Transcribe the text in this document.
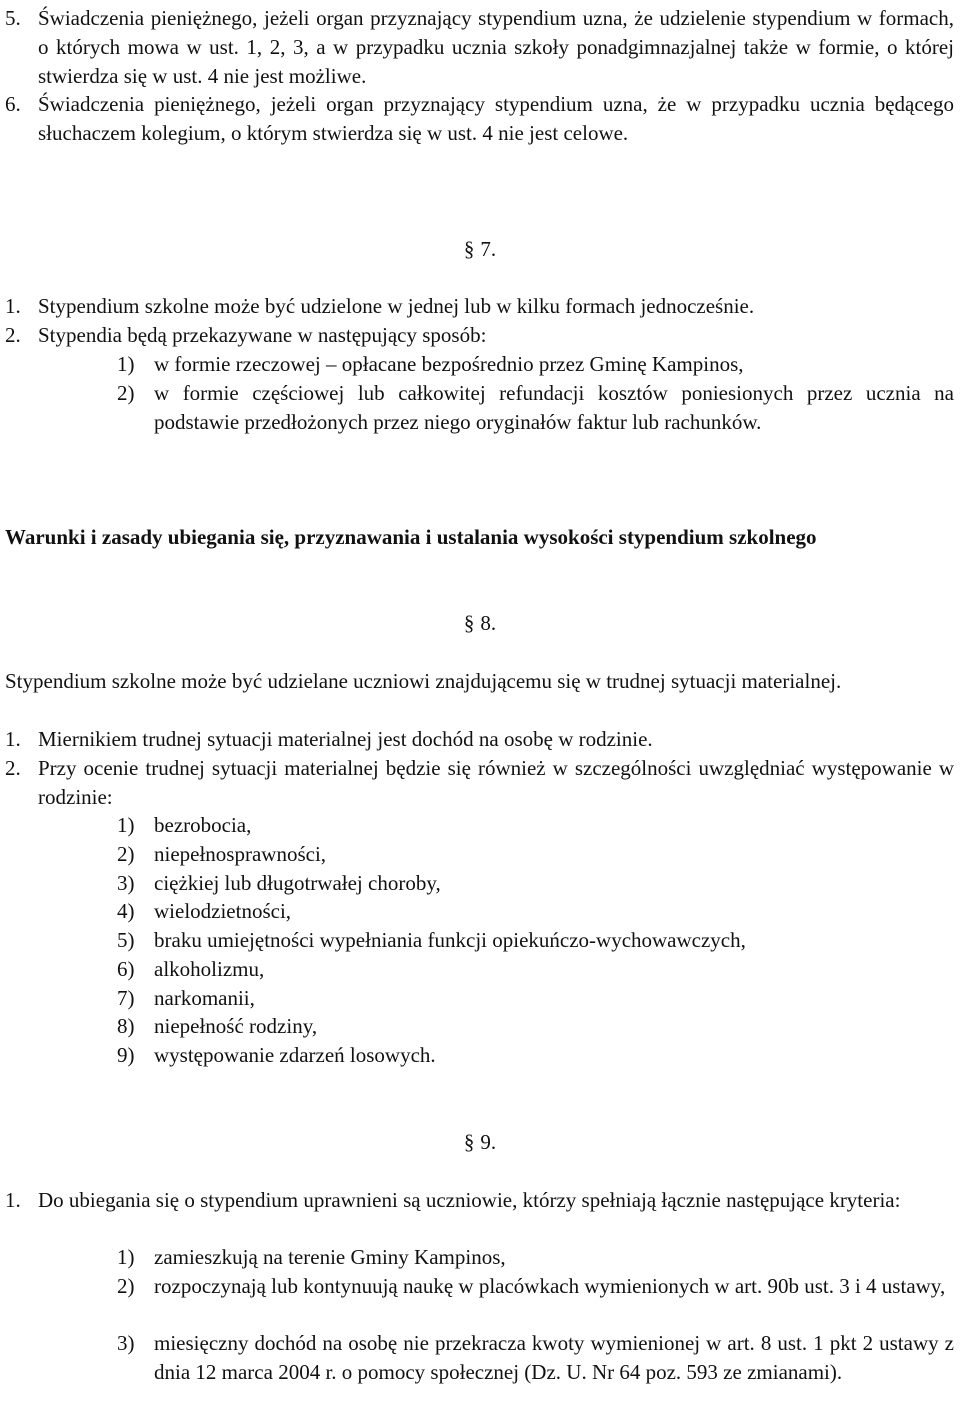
5. Świadczenia pieniężnego, jeżeli organ przyznający stypendium uzna, że udzielenie stypendium w formach, o których mowa w ust. 1, 2, 3, a w przypadku ucznia szkoły ponadgimnazjalnej także w formie, o której stwierdza się w ust. 4 nie jest możliwe.
6. Świadczenia pieniężnego, jeżeli organ przyznający stypendium uzna, że w przypadku ucznia będącego słuchaczem kolegium, o którym stwierdza się w ust. 4 nie jest celowe.
§ 7.
1. Stypendium szkolne może być udzielone w jednej lub w kilku formach jednocześnie.
2. Stypendia będą przekazywane w następujący sposób:
1) w formie rzeczowej – opłacane bezpośrednio przez Gminę Kampinos,
2) w formie częściowej lub całkowitej refundacji kosztów poniesionych przez ucznia na podstawie przedłożonych przez niego oryginałów faktur lub rachunków.
Warunki i zasady ubiegania się, przyznawania i ustalania wysokości stypendium szkolnego
§ 8.
Stypendium szkolne może być udzielane uczniowi znajdującemu się w trudnej sytuacji materialnej.
1. Miernikiem trudnej sytuacji materialnej jest dochód na osobę w rodzinie.
2. Przy ocenie trudnej sytuacji materialnej będzie się również w szczególności uwzględniać występowanie w rodzinie:
1) bezrobocia,
2) niepełnosprawności,
3) ciężkiej lub długotrwałej choroby,
4) wielodzietności,
5) braku umiejętności wypełniania funkcji opiekuńczo-wychowawczych,
6) alkoholizmu,
7) narkomanii,
8) niepełność rodziny,
9) występowanie zdarzeń losowych.
§ 9.
1. Do ubiegania się o stypendium uprawnieni są uczniowie, którzy spełniają łącznie następujące kryteria:
1) zamieszkują na terenie Gminy Kampinos,
2) rozpoczynają lub kontynuują naukę w placówkach wymienionych w art. 90b ust. 3 i 4 ustawy,
3) miesięczny dochód na osobę nie przekracza kwoty wymienionej w art. 8 ust. 1 pkt 2 ustawy z dnia 12 marca 2004 r. o pomocy społecznej (Dz. U. Nr 64 poz. 593 ze zmianami).
